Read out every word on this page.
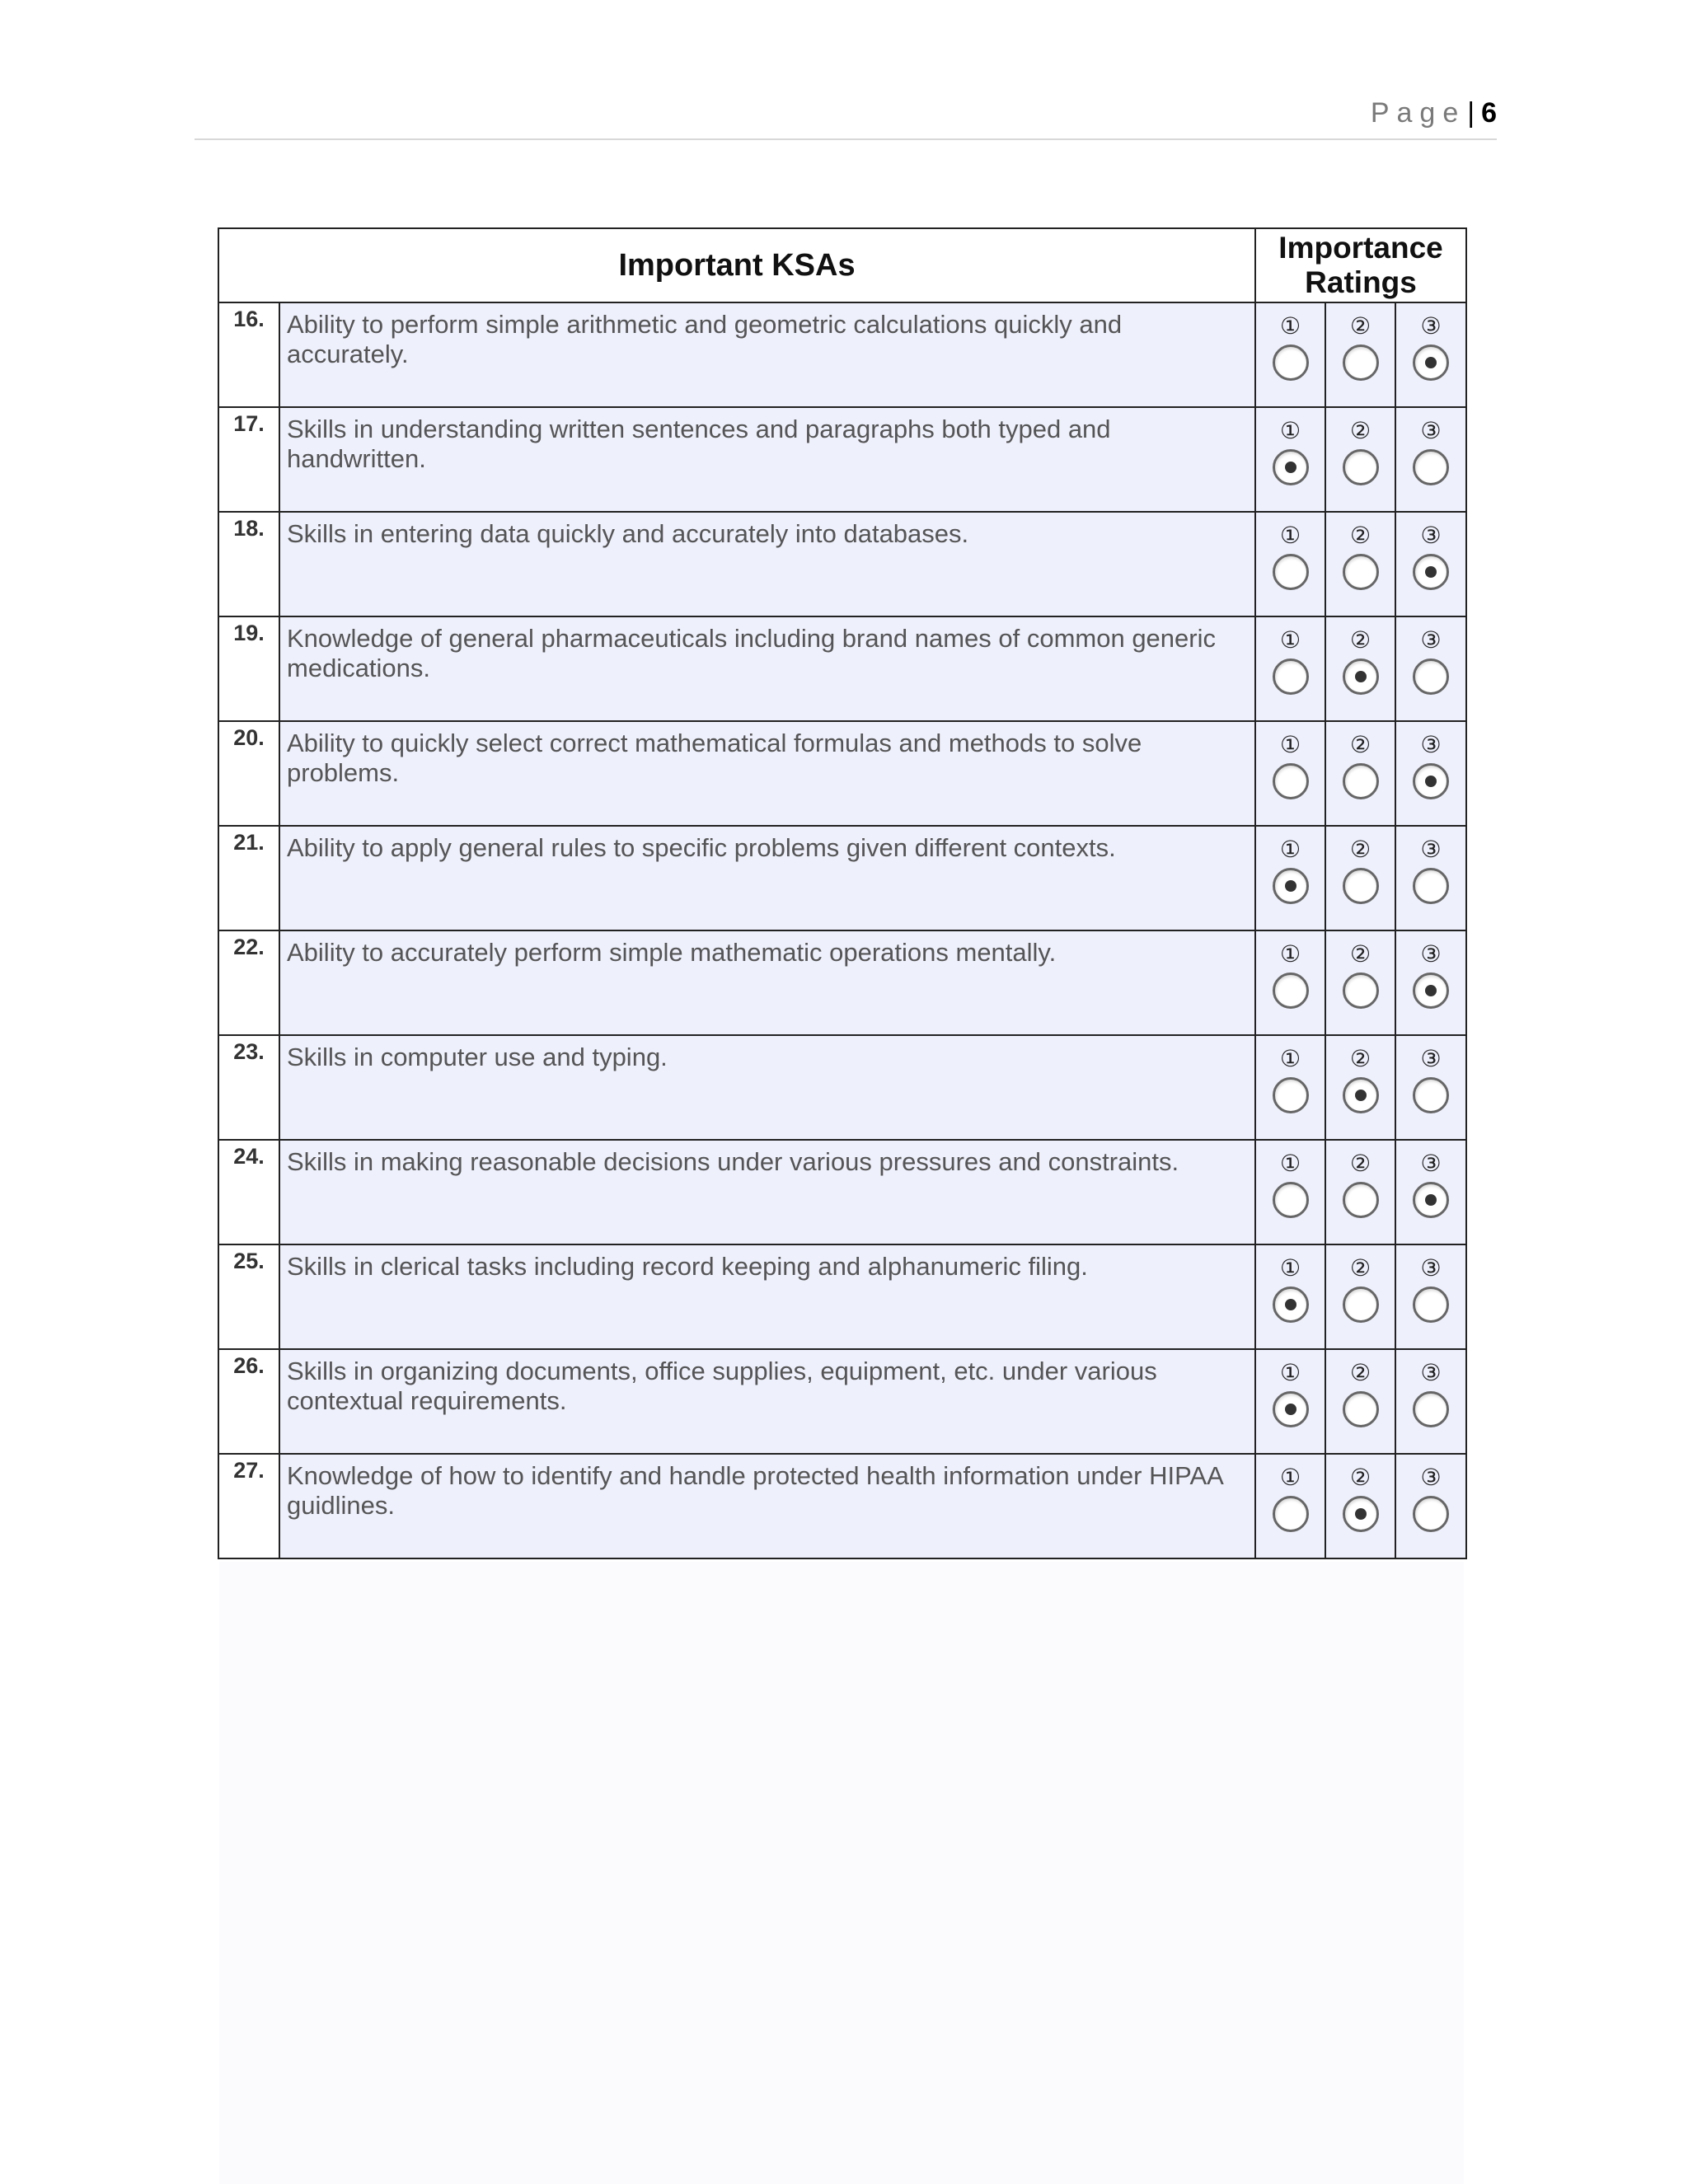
Page| 6
Important KSAs		Importance Ratings		
16.	Ability to perform simple arithmetic and geometric calculations quickly and accurately.	①	②	③

17.	Skills in understanding written sentences and paragraphs both typed and handwritten.	①	②	③

18.	Skills in entering data quickly and accurately into databases.	①	②	③

19.	Knowledge of general pharmaceuticals including brand names of common generic medications.	①	②	③

20.	Ability to quickly select correct mathematical formulas and methods to solve problems.	①	②	③

21.	Ability to apply general rules to specific problems given different contexts.	①	②	③

22.	Ability to accurately perform simple mathematic operations mentally.	①	②	③

23.	Skills in computer use and typing.	①	②	③

24.	Skills in making reasonable decisions under various pressures and constraints.	①	②	③

25.	Skills in clerical tasks including record keeping and alphanumeric filing.	①	②	③

26.	Skills in organizing documents, office supplies, equipment, etc. under various contextual requirements.	①	②	③

27.	Knowledge of how to identify and handle protected health information under HIPAA guidlines.	①	②	③
